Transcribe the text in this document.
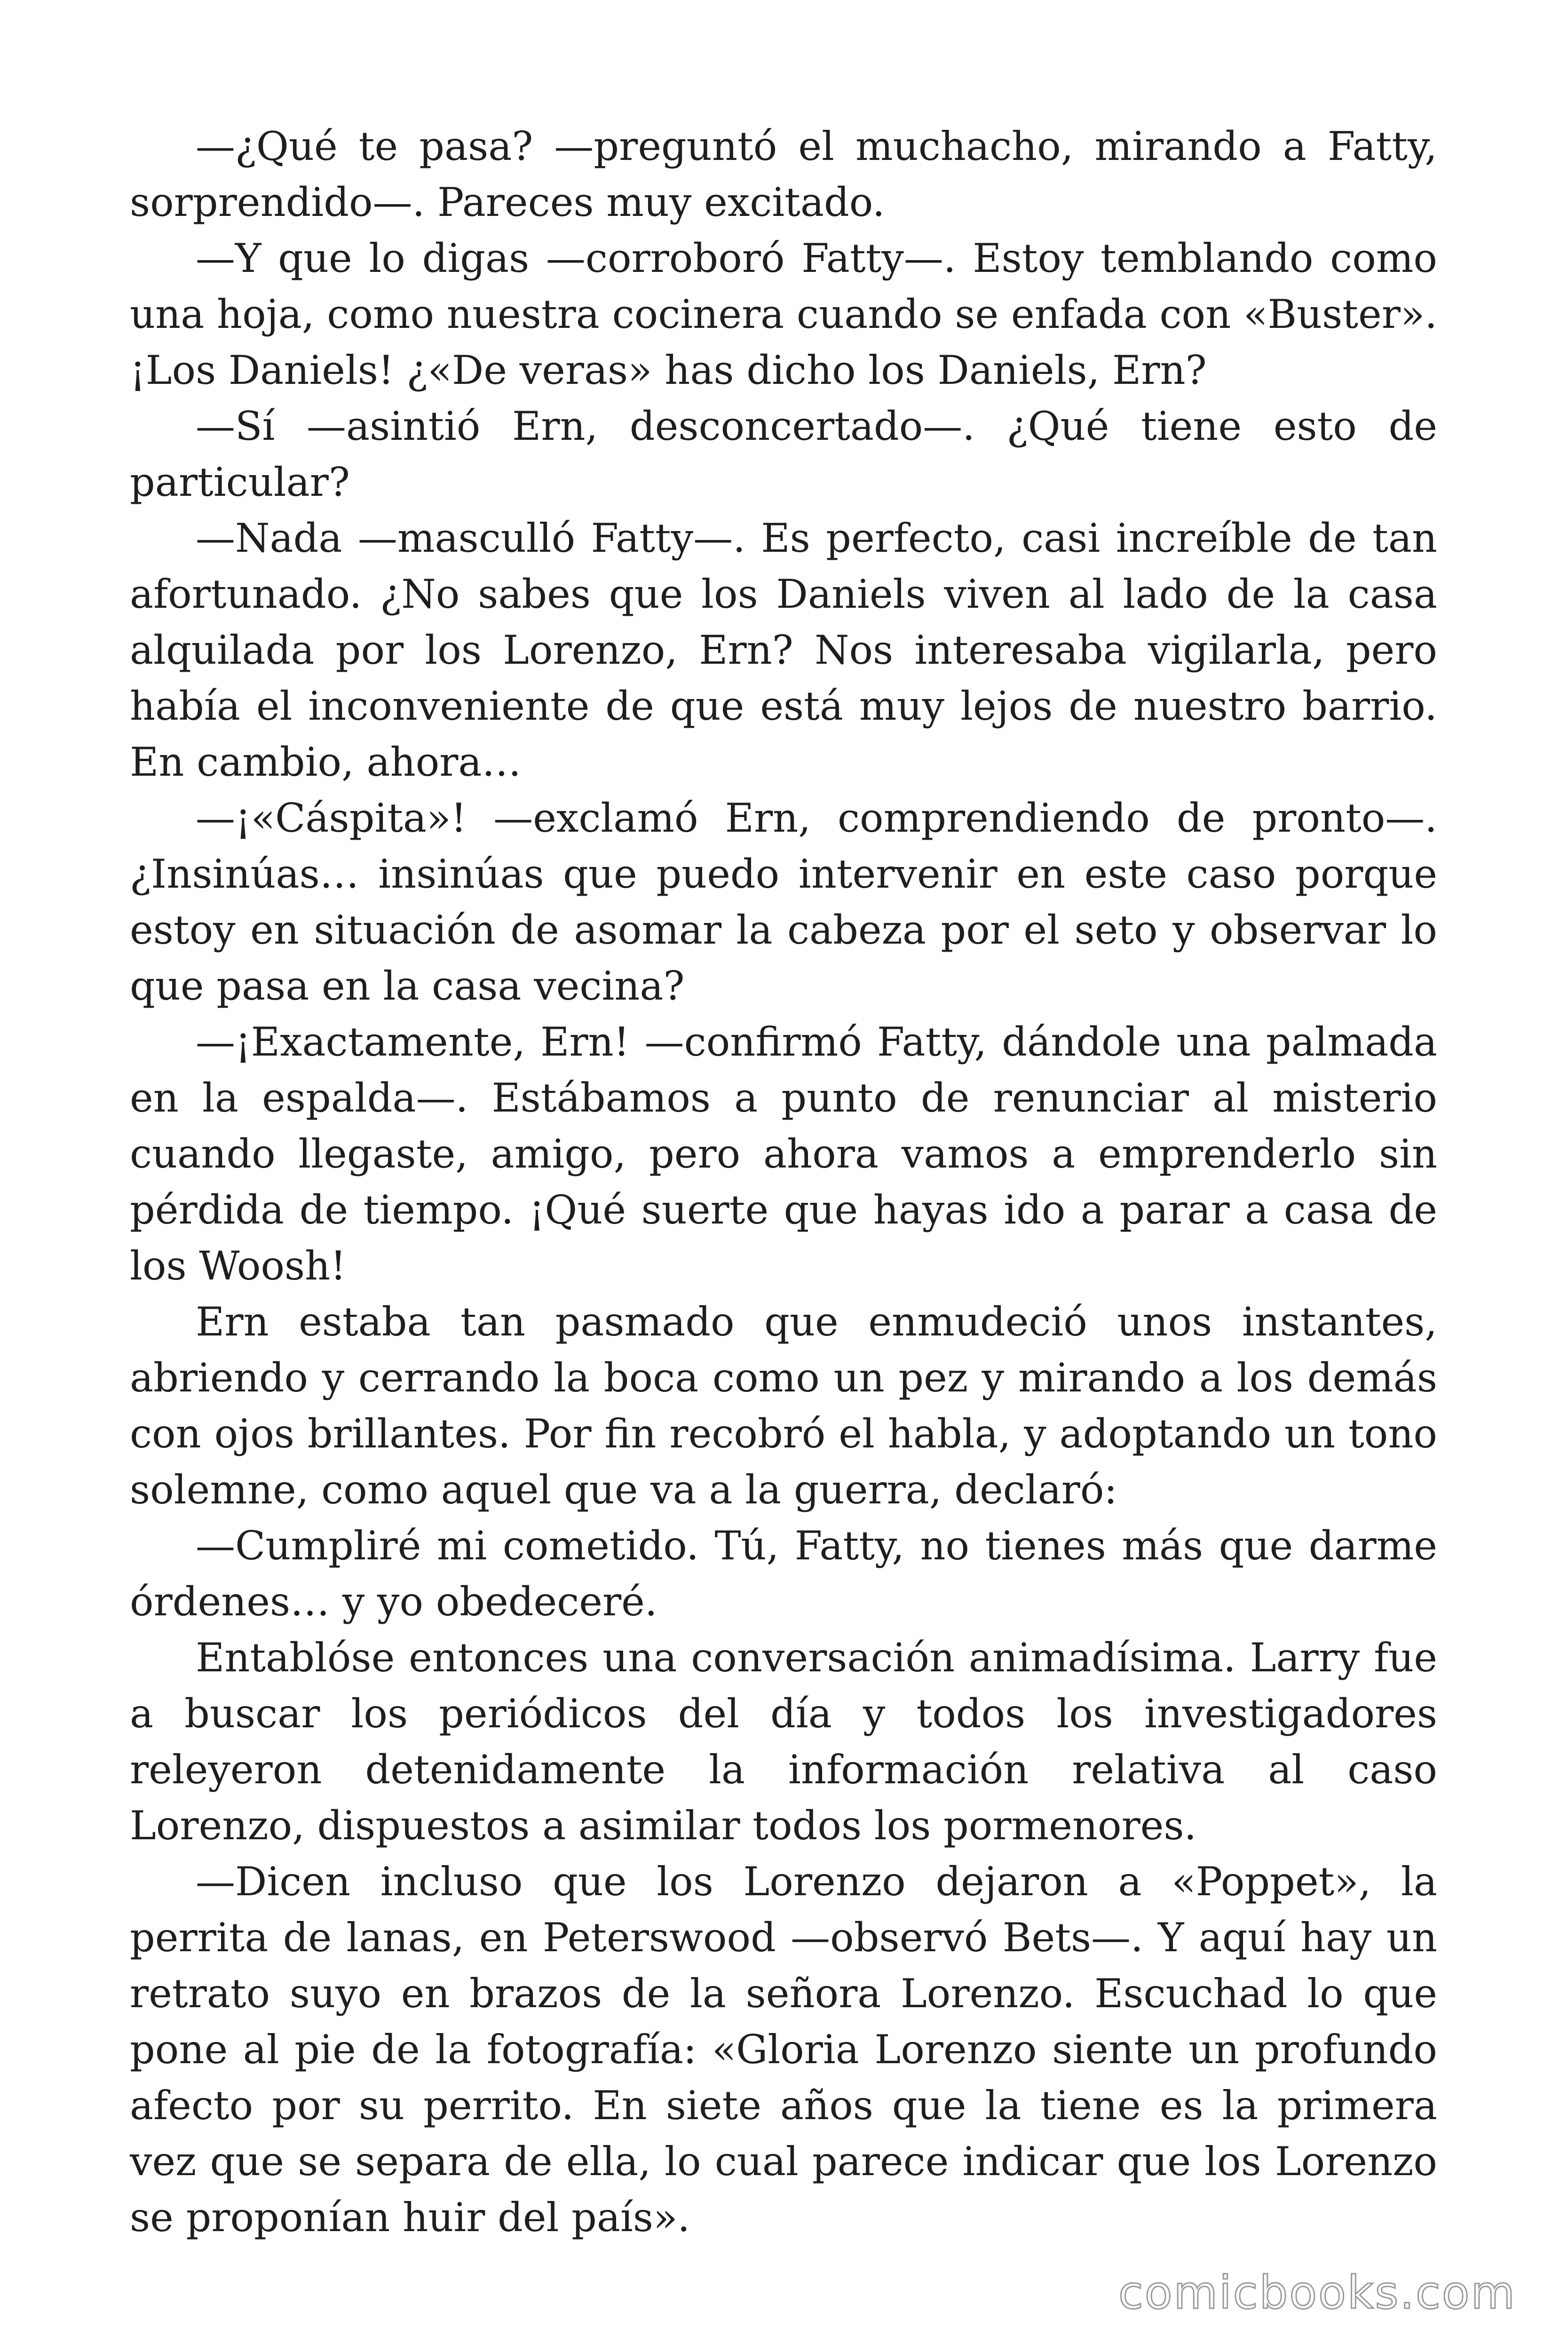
—¿Qué te pasa? —preguntó el muchacho, mirando a Fatty, sorprendido—. Pareces muy excitado.

—Y que lo digas —corroboró Fatty—. Estoy temblando como una hoja, como nuestra cocinera cuando se enfada con «Buster». ¡Los Daniels! ¿«De veras» has dicho los Daniels, Ern?

—Sí —asintió Ern, desconcertado—. ¿Qué tiene esto de particular?

—Nada —masculló Fatty—. Es perfecto, casi increíble de tan afortunado. ¿No sabes que los Daniels viven al lado de la casa alquilada por los Lorenzo, Ern? Nos interesaba vigilarla, pero había el inconveniente de que está muy lejos de nuestro barrio. En cambio, ahora…

—¡«Cáspita»! —exclamó Ern, comprendiendo de pronto—. ¿Insinúas… insinúas que puedo intervenir en este caso porque estoy en situación de asomar la cabeza por el seto y observar lo que pasa en la casa vecina?

—¡Exactamente, Ern! —confirmó Fatty, dándole una palmada en la espalda—. Estábamos a punto de renunciar al misterio cuando llegaste, amigo, pero ahora vamos a emprenderlo sin pérdida de tiempo. ¡Qué suerte que hayas ido a parar a casa de los Woosh!

Ern estaba tan pasmado que enmudeció unos instantes, abriendo y cerrando la boca como un pez y mirando a los demás con ojos brillantes. Por fin recobró el habla, y adoptando un tono solemne, como aquel que va a la guerra, declaró:

—Cumpliré mi cometido. Tú, Fatty, no tienes más que darme órdenes… y yo obedeceré.

Entablóse entonces una conversación animadísima. Larry fue a buscar los periódicos del día y todos los investigadores releyeron detenidamente la información relativa al caso Lorenzo, dispuestos a asimilar todos los pormenores.

—Dicen incluso que los Lorenzo dejaron a «Poppet», la perrita de lanas, en Peterswood —observó Bets—. Y aquí hay un retrato suyo en brazos de la señora Lorenzo. Escuchad lo que pone al pie de la fotografía: «Gloria Lorenzo siente un profundo afecto por su perrito. En siete años que la tiene es la primera vez que se separa de ella, lo cual parece indicar que los Lorenzo se proponían huir del país».

comicbooks.com
